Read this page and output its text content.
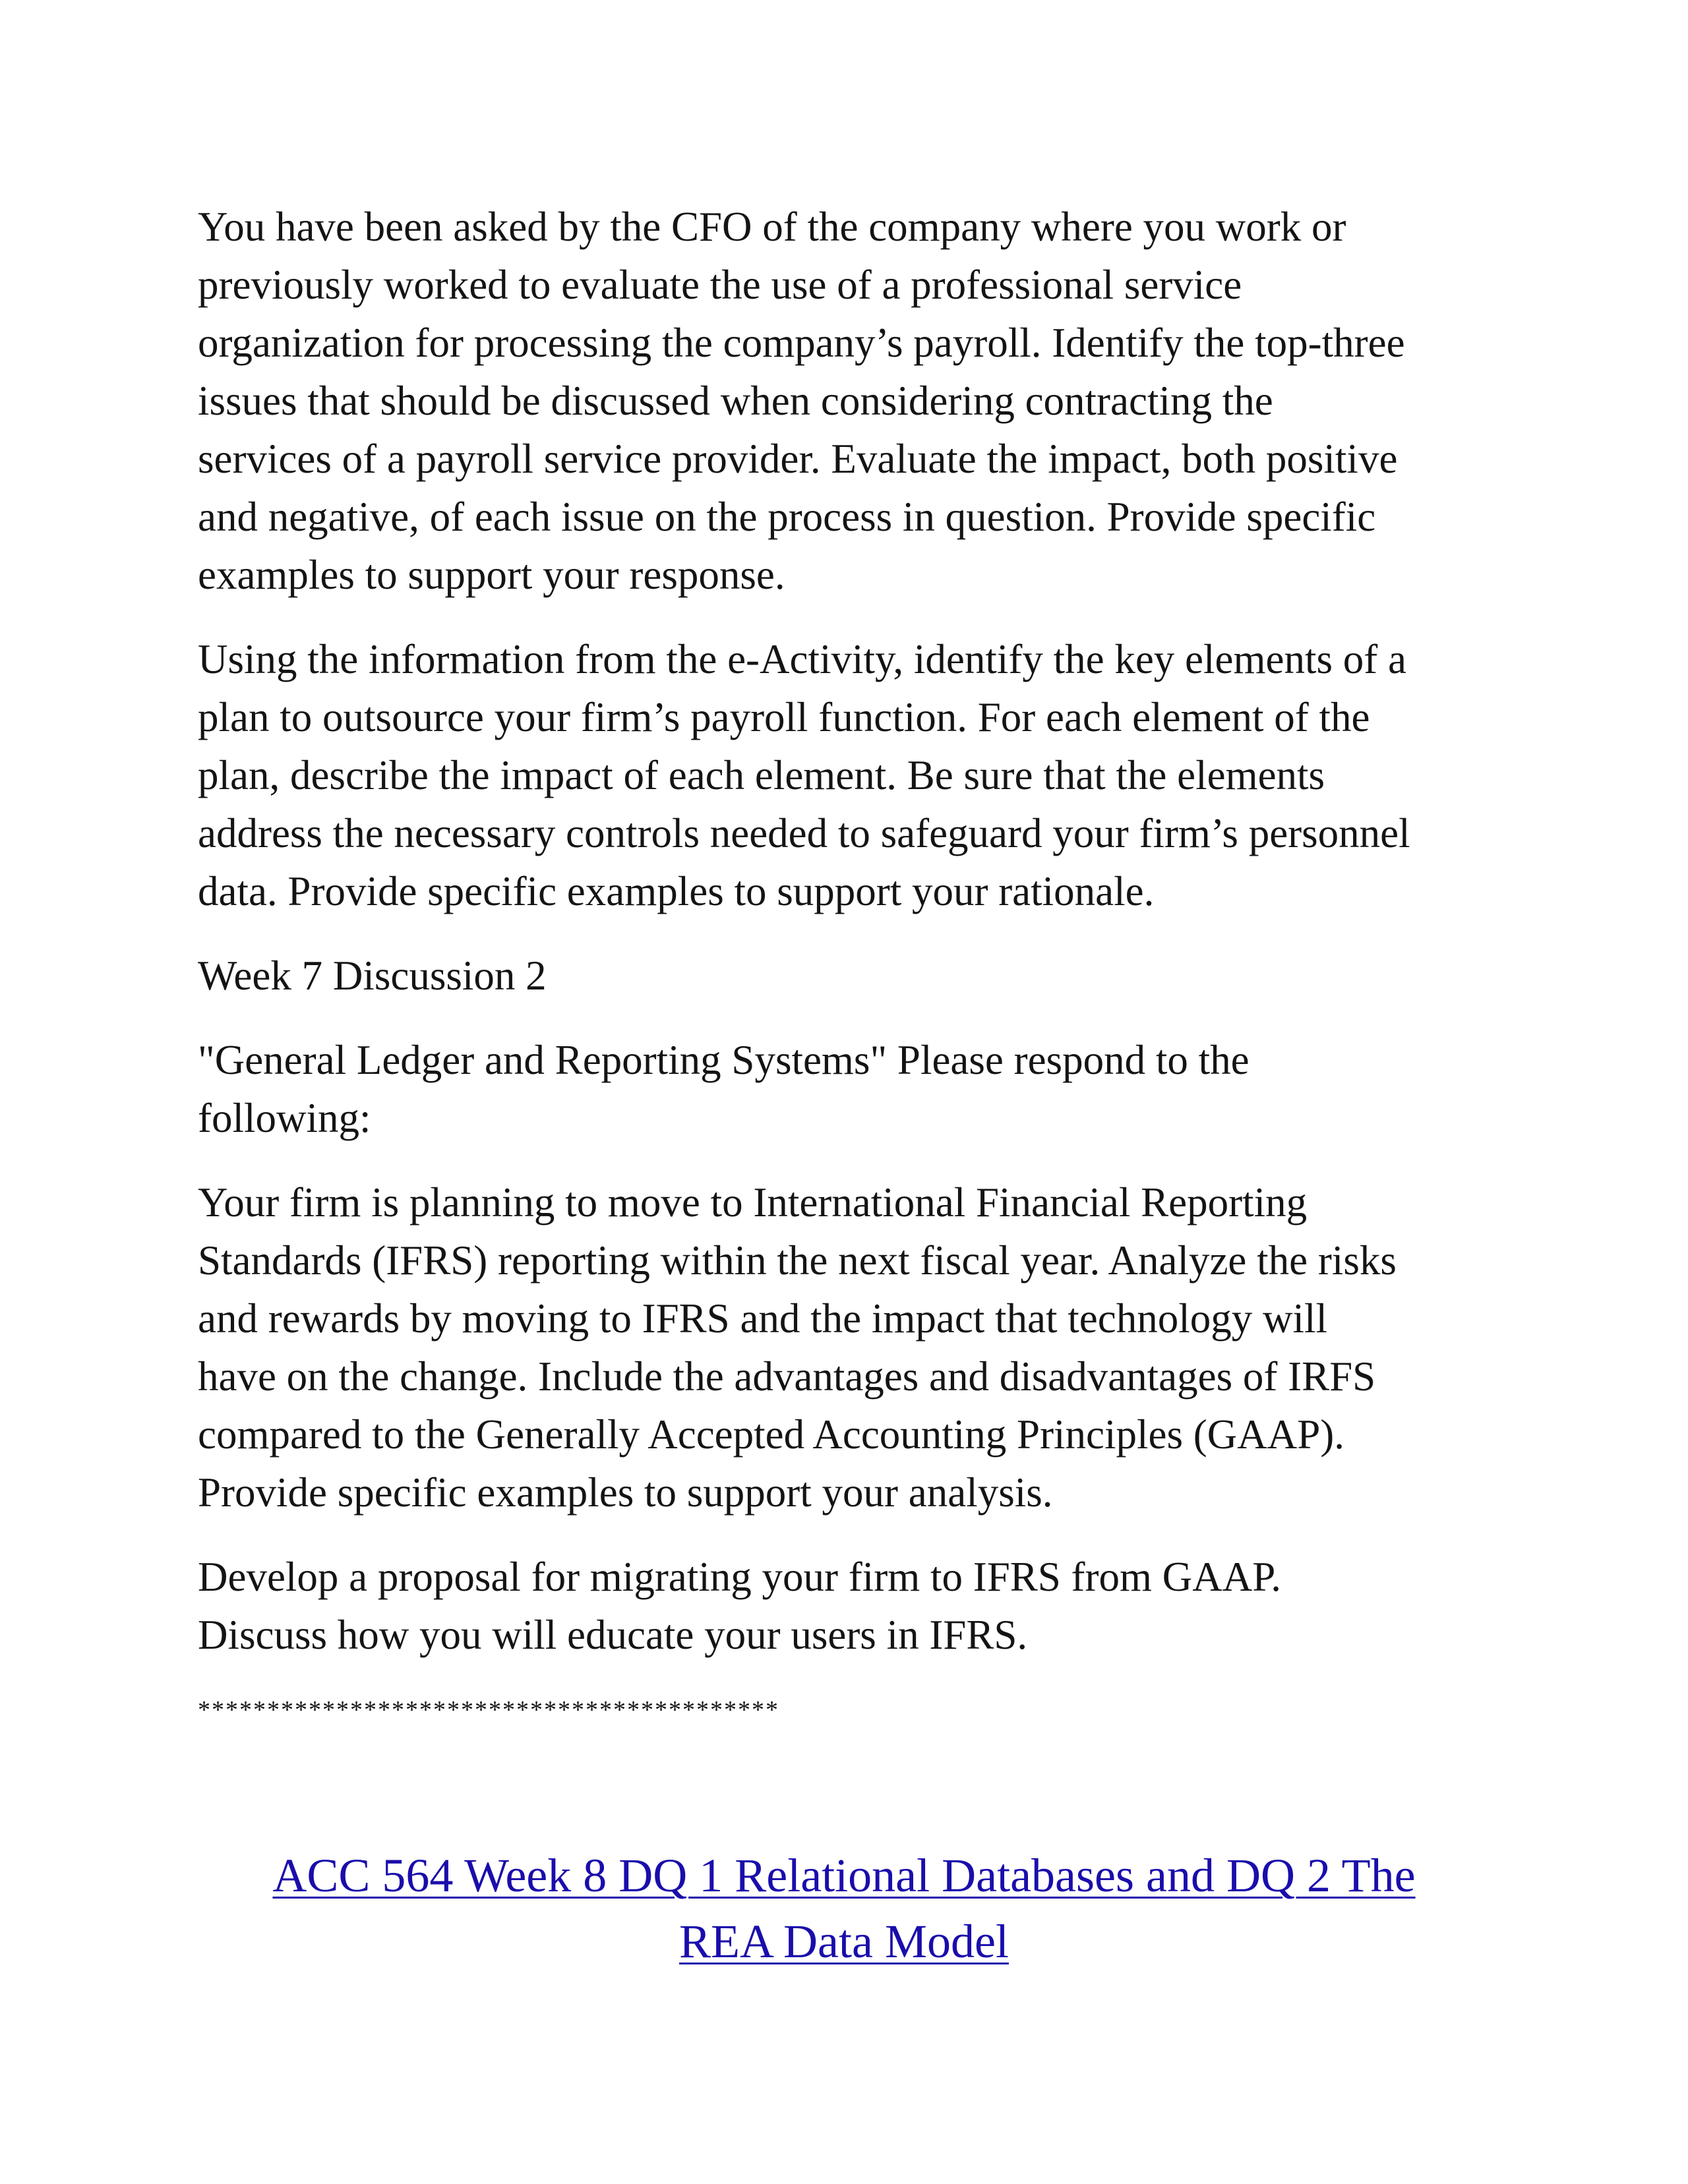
You have been asked by the CFO of the company where you work or
previously worked to evaluate the use of a professional service
organization for processing the company’s payroll. Identify the top-three
issues that should be discussed when considering contracting the
services of a payroll service provider. Evaluate the impact, both positive
and negative, of each issue on the process in question. Provide specific
examples to support your response.

Using the information from the e-Activity, identify the key elements of a
plan to outsource your firm’s payroll function. For each element of the
plan, describe the impact of each element. Be sure that the elements
address the necessary controls needed to safeguard your firm’s personnel
data. Provide specific examples to support your rationale.

Week 7 Discussion 2

"General Ledger and Reporting Systems" Please respond to the
following:

Your firm is planning to move to International Financial Reporting
Standards (IFRS) reporting within the next fiscal year. Analyze the risks
and rewards by moving to IFRS and the impact that technology will
have on the change. Include the advantages and disadvantages of IRFS
compared to the Generally Accepted Accounting Principles (GAAP).
Provide specific examples to support your analysis.

Develop a proposal for migrating your firm to IFRS from GAAP.
Discuss how you will educate your users in IFRS.

******************************************

ACC 564 Week 8 DQ 1 Relational Databases and DQ 2 The
REA Data Model
